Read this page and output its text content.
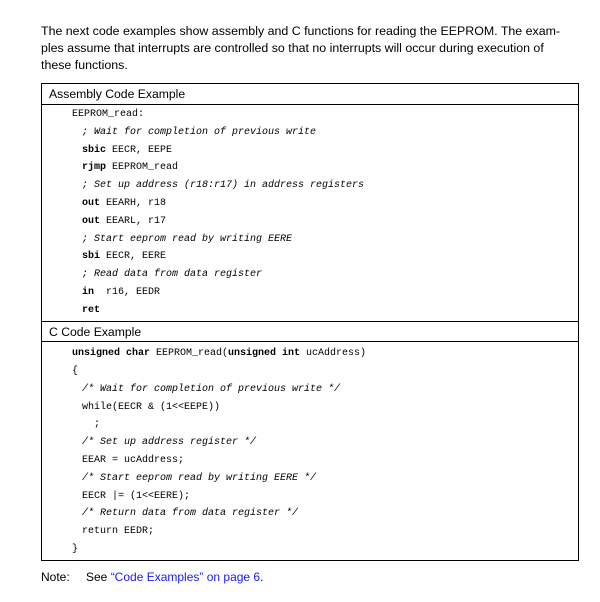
The next code examples show assembly and C functions for reading the EEPROM. The exam-
ples assume that interrupts are controlled so that no interrupts will occur during execution of
these functions.
Assembly Code Example
EEPROM_read:
; Wait for completion of previous write
sbic EECR, EEPE
rjmp EEPROM_read
; Set up address (r18:r17) in address registers
out EEARH, r18
out EEARL, r17
; Start eeprom read by writing EERE
sbi EECR, EERE
; Read data from data register
in  r16, EEDR
ret
C Code Example
unsigned char EEPROM_read(unsigned int ucAddress)
{
/* Wait for completion of previous write */
while(EECR & (1<<EEPE))
;
/* Set up address register */
EEAR = ucAddress;
/* Start eeprom read by writing EERE */
EECR |= (1<<EERE);
/* Return data from data register */
return EEDR;
}
Note: See “Code Examples” on page 6.
